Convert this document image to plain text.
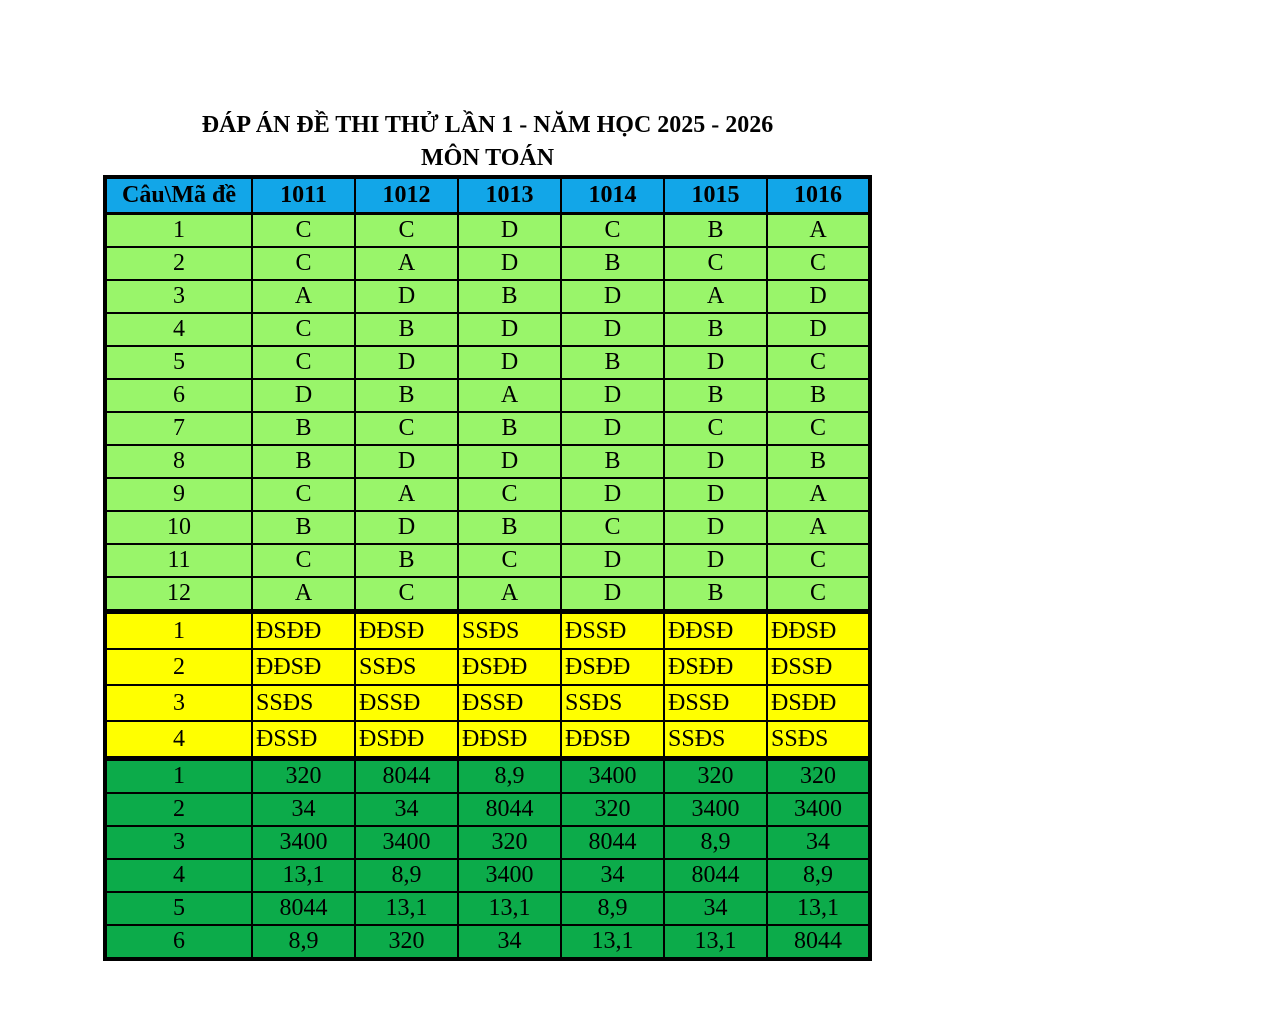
ĐÁP ÁN ĐỀ THI THỬ LẦN 1 - NĂM HỌC 2025 - 2026

MÔN TOÁN

Câu\Mã đề	1011	1012	1013	1014	1015	1016
1	C	C	D	C	B	A
2	C	A	D	B	C	C
3	A	D	B	D	A	D
4	C	B	D	D	B	D
5	C	D	D	B	D	C
6	D	B	A	D	B	B
7	B	C	B	D	C	C
8	B	D	D	B	D	B
9	C	A	C	D	D	A
10	B	D	B	C	D	A
11	C	B	C	D	D	C
12	A	C	A	D	B	C
1	ĐSĐĐ	ĐĐSĐ	SSĐS	ĐSSĐ	ĐĐSĐ	ĐĐSĐ
2	ĐĐSĐ	SSĐS	ĐSĐĐ	ĐSĐĐ	ĐSĐĐ	ĐSSĐ
3	SSĐS	ĐSSĐ	ĐSSĐ	SSĐS	ĐSSĐ	ĐSĐĐ
4	ĐSSĐ	ĐSĐĐ	ĐĐSĐ	ĐĐSĐ	SSĐS	SSĐS
1	320	8044	8,9	3400	320	320
2	34	34	8044	320	3400	3400
3	3400	3400	320	8044	8,9	34
4	13,1	8,9	3400	34	8044	8,9
5	8044	13,1	13,1	8,9	34	13,1
6	8,9	320	34	13,1	13,1	8044
